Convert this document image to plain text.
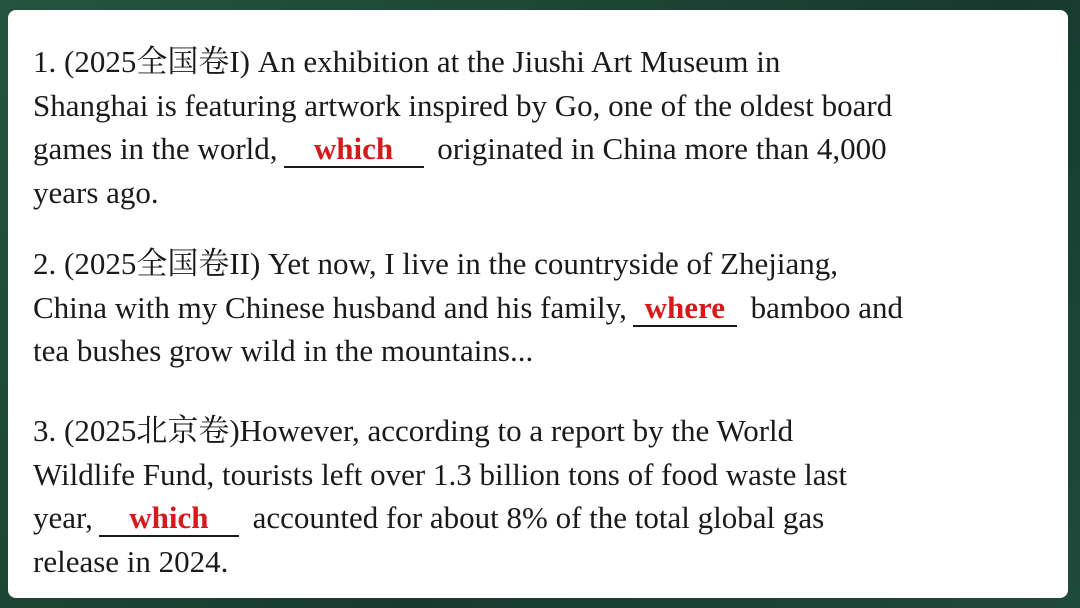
1. (2025全国卷I) An exhibition at the Jiushi Art Museum in
Shanghai is featuring artwork inspired by Go, one of the oldest board
games in the world, which originated in China more than 4,000
years ago.

2. (2025全国卷II) Yet now, I live in the countryside of Zhejiang,
China with my Chinese husband and his family, where bamboo and
tea bushes grow wild in the mountains...

3. (2025北京卷)However, according to a report by the World
Wildlife Fund, tourists left over 1.3 billion tons of food waste last
year, which accounted for about 8% of the total global gas
release in 2024.
